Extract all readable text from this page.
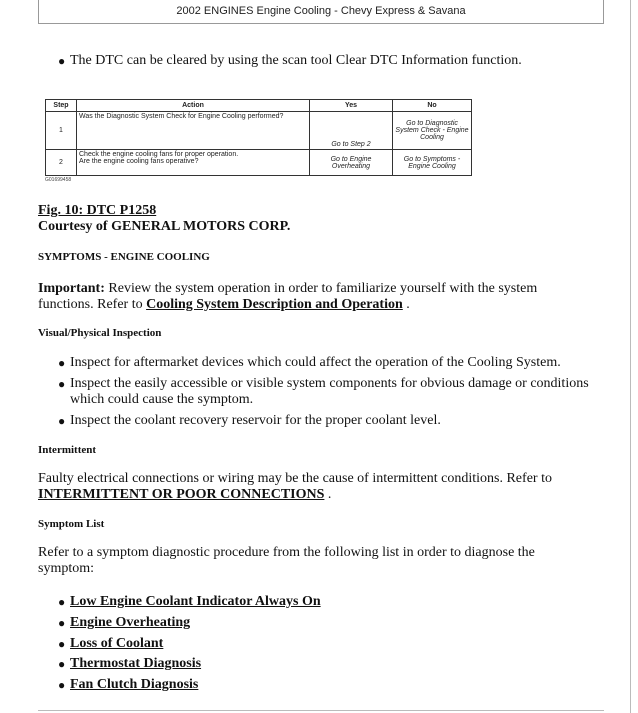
2002 ENGINES Engine Cooling - Chevy Express & Savana
● The DTC can be cleared by using the scan tool Clear DTC Information function.
Step	Action	Yes	No
1	Was the Diagnostic System Check for Engine Cooling performed?	Go to Step 2	Go to Diagnostic System Check - Engine Cooling
2	Check the engine cooling fans for proper operation.
Are the engine cooling fans operative?	Go to Engine Overheating	Go to Symptoms - Engine Cooling
G01699458
Fig. 10: DTC P1258
Courtesy of GENERAL MOTORS CORP.
SYMPTOMS - ENGINE COOLING
Important: Review the system operation in order to familiarize yourself with the system
functions. Refer to Cooling System Description and Operation .
Visual/Physical Inspection
● Inspect for aftermarket devices which could affect the operation of the Cooling System.
● Inspect the easily accessible or visible system components for obvious damage or conditions
which could cause the symptom.
● Inspect the coolant recovery reservoir for the proper coolant level.
Intermittent
Faulty electrical connections or wiring may be the cause of intermittent conditions. Refer to
INTERMITTENT OR POOR CONNECTIONS .
Symptom List
Refer to a symptom diagnostic procedure from the following list in order to diagnose the
symptom:
● Low Engine Coolant Indicator Always On
● Engine Overheating
● Loss of Coolant
● Thermostat Diagnosis
● Fan Clutch Diagnosis
